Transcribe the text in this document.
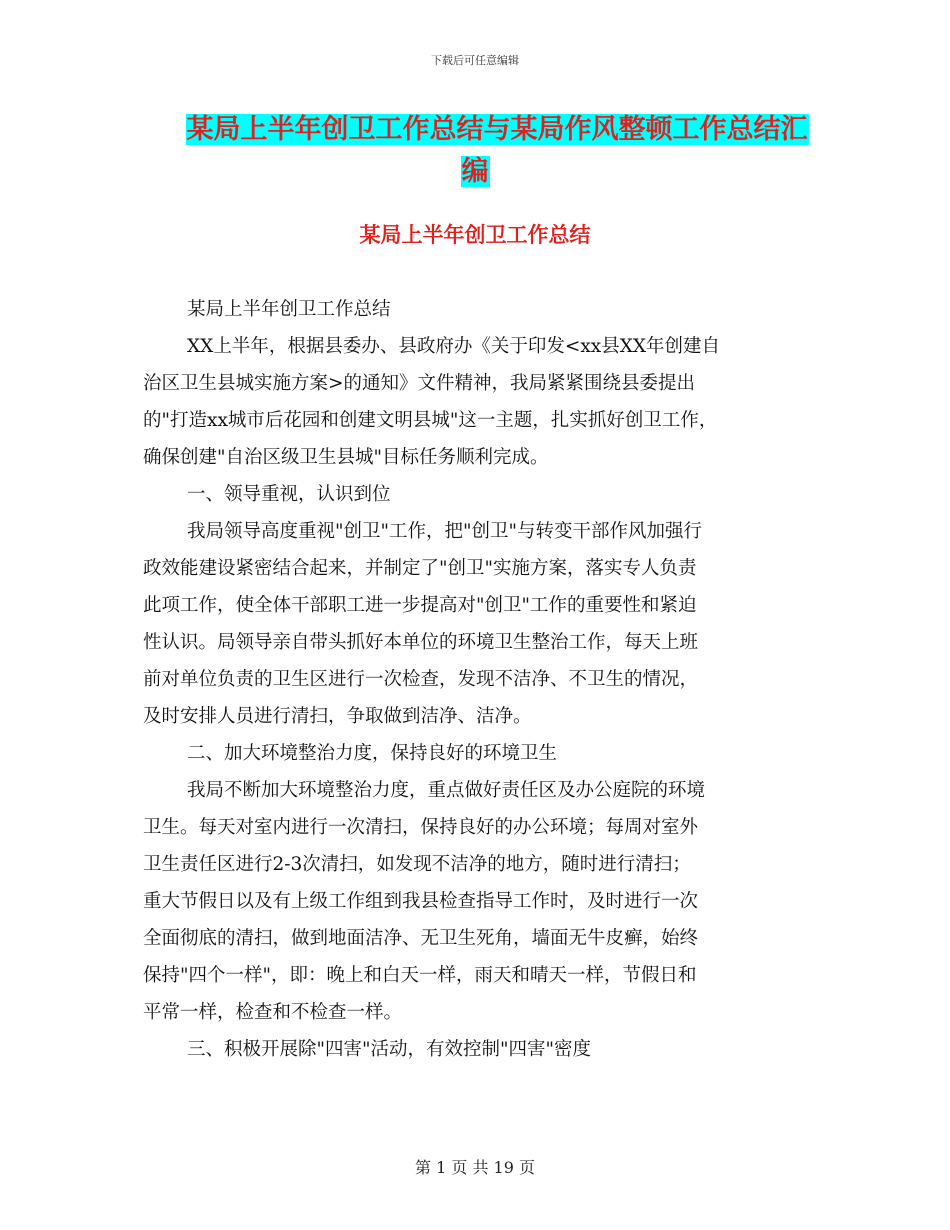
下载后可任意编辑
某局上半年创卫工作总结与某局作风整顿工作总结汇
编
某局上半年创卫工作总结
某局上半年创卫工作总结
XX上半年，根据县委办、县政府办《关于印发<xx县XX年创建自
治区卫生县城实施方案>的通知》文件精神，我局紧紧围绕县委提出
的"打造xx城市后花园和创建文明县城"这一主题，扎实抓好创卫工作，
确保创建"自治区级卫生县城"目标任务顺利完成。
一、领导重视，认识到位
我局领导高度重视"创卫"工作，把"创卫"与转变干部作风加强行
政效能建设紧密结合起来，并制定了"创卫"实施方案，落实专人负责
此项工作，使全体干部职工进一步提高对"创卫"工作的重要性和紧迫
性认识。局领导亲自带头抓好本单位的环境卫生整治工作，每天上班
前对单位负责的卫生区进行一次检查，发现不洁净、不卫生的情况，
及时安排人员进行清扫，争取做到洁净、洁净。
二、加大环境整治力度，保持良好的环境卫生
我局不断加大环境整治力度，重点做好责任区及办公庭院的环境
卫生。每天对室内进行一次清扫，保持良好的办公环境；每周对室外
卫生责任区进行2-3次清扫，如发现不洁净的地方，随时进行清扫；
重大节假日以及有上级工作组到我县检查指导工作时，及时进行一次
全面彻底的清扫，做到地面洁净、无卫生死角，墙面无牛皮癣，始终
保持"四个一样"，即：晚上和白天一样，雨天和晴天一样，节假日和
平常一样，检查和不检查一样。
三、积极开展除"四害"活动，有效控制"四害"密度
第 1 页 共 19 页
